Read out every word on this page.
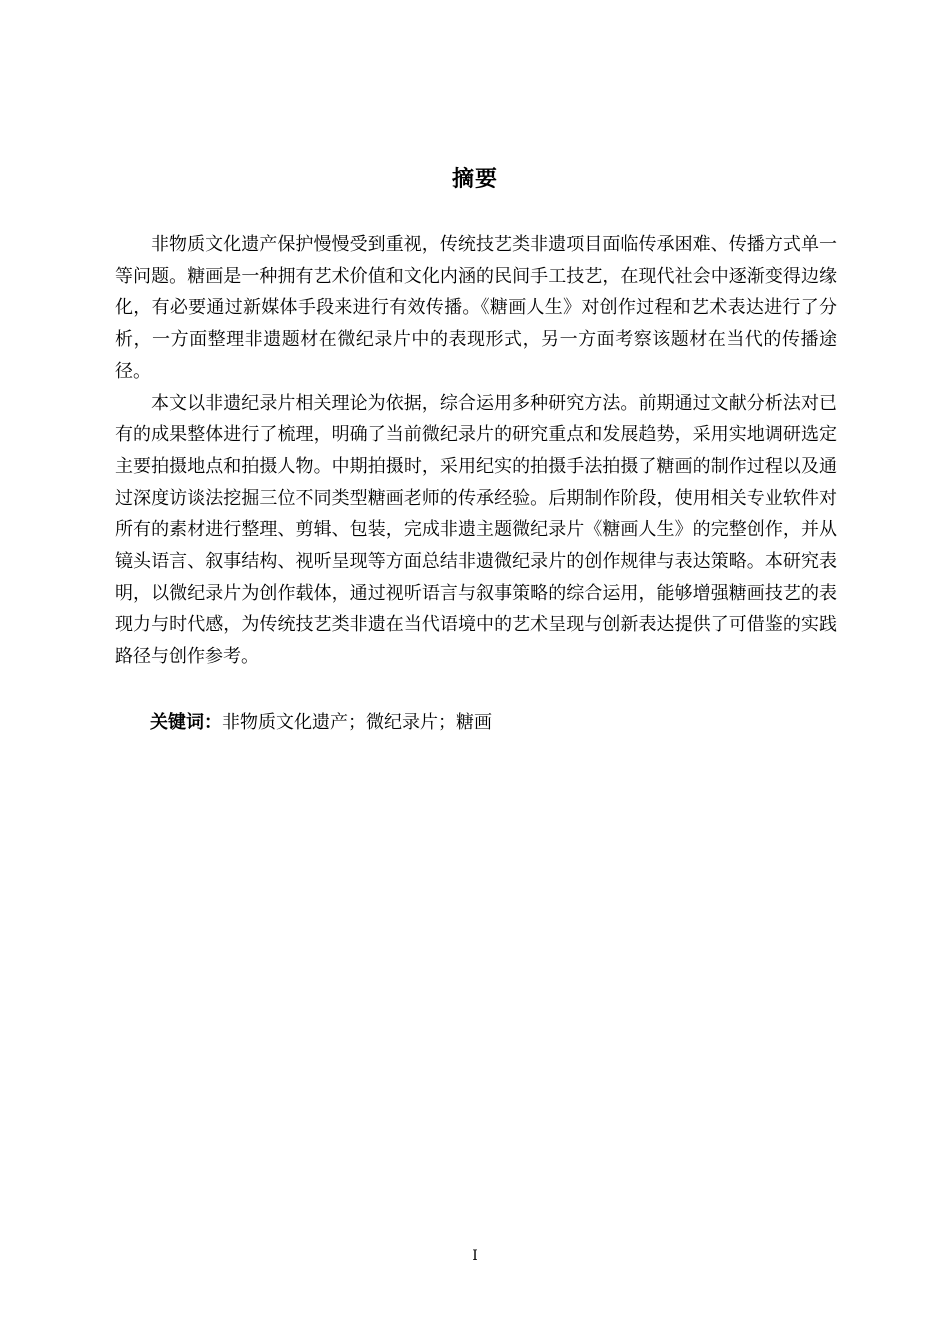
摘要

非物质文化遗产保护慢慢受到重视，传统技艺类非遗项目面临传承困难、传播方式单一等问题。糖画是一种拥有艺术价值和文化内涵的民间手工技艺，在现代社会中逐渐变得边缘化，有必要通过新媒体手段来进行有效传播。《糖画人生》对创作过程和艺术表达进行了分析，一方面整理非遗题材在微纪录片中的表现形式，另一方面考察该题材在当代的传播途径。

本文以非遗纪录片相关理论为依据，综合运用多种研究方法。前期通过文献分析法对已有的成果整体进行了梳理，明确了当前微纪录片的研究重点和发展趋势，采用实地调研选定主要拍摄地点和拍摄人物。中期拍摄时，采用纪实的拍摄手法拍摄了糖画的制作过程以及通过深度访谈法挖掘三位不同类型糖画老师的传承经验。后期制作阶段，使用相关专业软件对所有的素材进行整理、剪辑、包装，完成非遗主题微纪录片《糖画人生》的完整创作，并从镜头语言、叙事结构、视听呈现等方面总结非遗微纪录片的创作规律与表达策略。本研究表明，以微纪录片为创作载体，通过视听语言与叙事策略的综合运用，能够增强糖画技艺的表现力与时代感，为传统技艺类非遗在当代语境中的艺术呈现与创新表达提供了可借鉴的实践路径与创作参考。

关键词：非物质文化遗产；微纪录片；糖画
I
